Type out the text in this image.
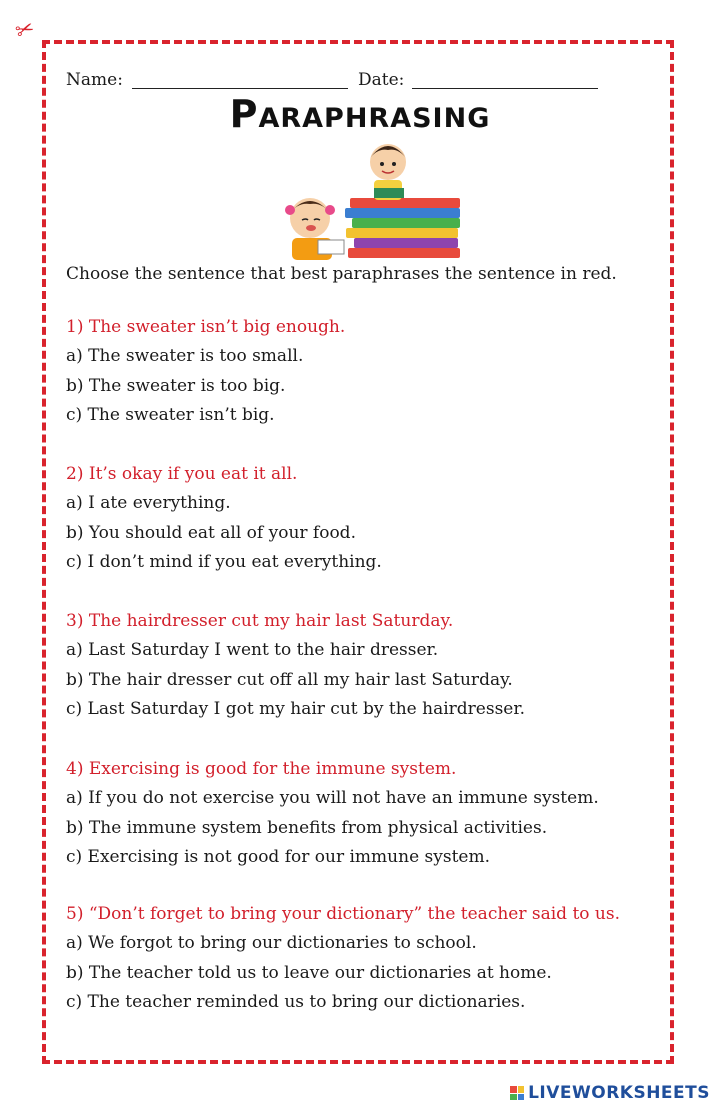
✂
Name:	Date:
Paraphrasing
Choose the sentence that best paraphrases the sentence in red.
1) The sweater isn’t big enough.
a) The sweater is too small.
b) The sweater is too big.
c) The sweater isn’t big.
2) It’s okay if you eat it all.
a) I ate everything.
b) You should eat all of your food.
c) I don’t mind if you eat everything.
3) The hairdresser cut my hair last Saturday.
a) Last Saturday I went to the hair dresser.
b) The hair dresser cut off all my hair last Saturday.
c) Last Saturday I got my hair cut by the hairdresser.
4) Exercising is good for the immune system.
a) If you do not exercise you will not have an immune system.
b) The immune system benefits from physical activities.
c) Exercising is not good for our immune system.
5) “Don’t forget to bring your dictionary” the teacher said to us.
a) We forgot to bring our dictionaries to school.
b) The teacher told us to leave our dictionaries at home.
c) The teacher reminded us to bring our dictionaries.
LIVEWORKSHEETS
